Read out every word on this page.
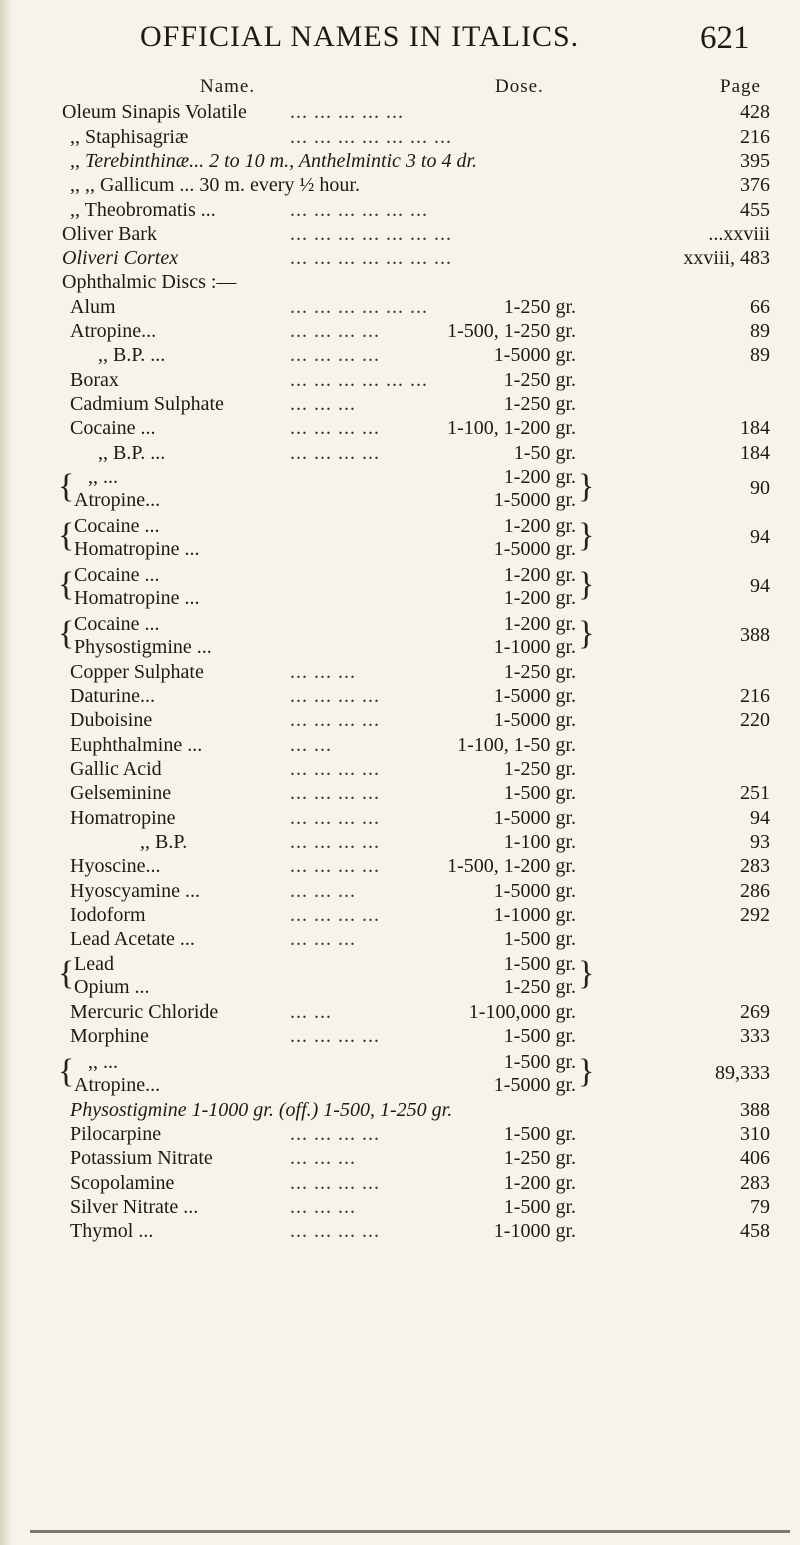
OFFICIAL NAMES IN ITALICS.	621
Name.	Dose.	Page
Oleum Sinapis Volatile ... ... ... ... ...	428
,, Staphisagriæ	... ... ... ... ... ... ...	216
,, Terebinthinæ... 2 to 10 m., Anthelmintic 3 to 4 dr.	395
,, ,, Gallicum ... 30 m. every ½ hour.	376
,, Theobromatis ...	... ... ... ... ... ...	455
Oliver Bark	... ... ... ... ... ... ...	...xxviii
Oliveri Cortex	... ... ... ... ... ... ...	xxviii, 483
Ophthalmic Discs :—
Alum	... ... ... ... ... ...	1-250 gr.	66
Atropine...	... ... ... ...	1-500, 1-250 gr.	89
,, B.P. ...	... ... ... ...	1-5000 gr.	89
Borax	... ... ... ... ... ...	1-250 gr.
Cadmium Sulphate	... ... ...	1-250 gr.
Cocaine ...	... ... ... ...	1-100, 1-200 gr.	184
,, B.P. ...	... ... ... ...	1-50 gr.	184
{ ,, ...	1-200 gr.
Atropine...	1-5000 gr. }	90
{ Cocaine ...	1-200 gr.
Homatropine ...	1-5000 gr. }	94
{ Cocaine ...	1-200 gr.
Homatropine ...	1-200 gr. }	94
{ Cocaine ...	1-200 gr.
Physostigmine ...	1-1000 gr. }	388
Copper Sulphate	... ... ...	1-250 gr.
Daturine...	... ... ... ...	1-5000 gr.	216
Duboisine	... ... ... ...	1-5000 gr.	220
Euphthalmine ...	... ...	1-100, 1-50 gr.
Gallic Acid	... ... ... ...	1-250 gr.
Gelseminine	... ... ... ...	1-500 gr.	251
Homatropine	... ... ... ...	1-5000 gr.	94
,, B.P.	... ... ... ...	1-100 gr.	93
Hyoscine...	... ... ... ...	1-500, 1-200 gr.	283
Hyoscyamine ...	... ... ...	1-5000 gr.	286
Iodoform	... ... ... ...	1-1000 gr.	292
Lead Acetate ...	... ... ...	1-500 gr.
{ Lead	1-500 gr.
Opium ...	1-250 gr. }
Mercuric Chloride	... ...	1-100,000 gr.	269
Morphine	... ... ... ...	1-500 gr.	333
{ ,, ...	1-500 gr.
Atropine...	1-5000 gr. }	89,333
Physostigmine 1-1000 gr. (off.) 1-500, 1-250 gr.	388
Pilocarpine	... ... ... ...	1-500 gr.	310
Potassium Nitrate	... ... ...	1-250 gr.	406
Scopolamine	... ... ... ...	1-200 gr.	283
Silver Nitrate ...	... ... ...	1-500 gr.	79
Thymol ...	... ... ... ...	1-1000 gr.	458
